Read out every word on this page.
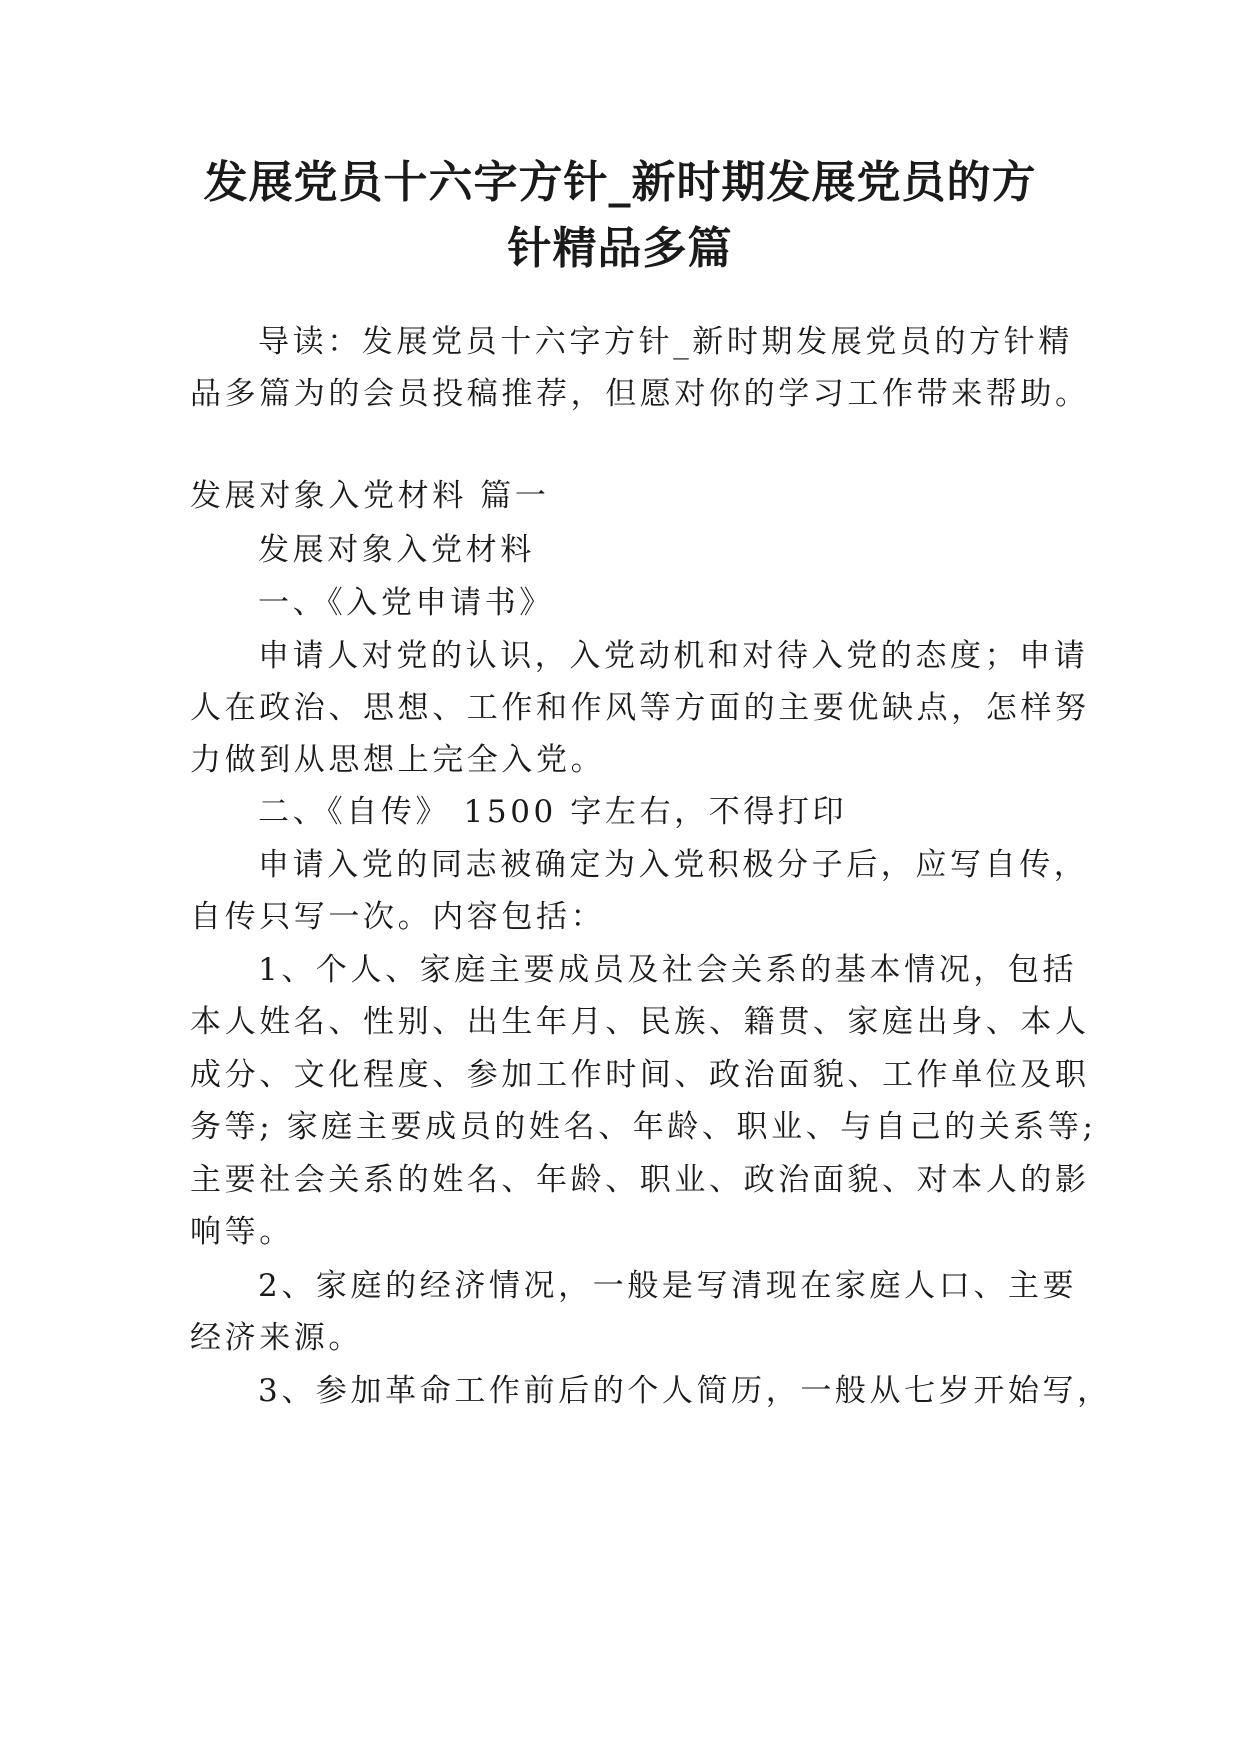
发展党员十六字方针_新时期发展党员的方
针精品多篇
导读：发展党员十六字方针_新时期发展党员的方针精
品多篇为的会员投稿推荐，但愿对你的学习工作带来帮助。
发展对象入党材料 篇一
发展对象入党材料
一、《入党申请书》
申请人对党的认识，入党动机和对待入党的态度；申请
人在政治、思想、工作和作风等方面的主要优缺点，怎样努
力做到从思想上完全入党。
二、《自传》 1500 字左右，不得打印
申请入党的同志被确定为入党积极分子后，应写自传，
自传只写一次。内容包括：
1、个人、家庭主要成员及社会关系的基本情况，包括
本人姓名、性别、出生年月、民族、籍贯、家庭出身、本人
成分、文化程度、参加工作时间、政治面貌、工作单位及职
务等; 家庭主要成员的姓名、年龄、职业、与自己的关系等;
主要社会关系的姓名、年龄、职业、政治面貌、对本人的影
响等。
2、家庭的经济情况，一般是写清现在家庭人口、主要
经济来源。
3、参加革命工作前后的个人简历，一般从七岁开始写，
